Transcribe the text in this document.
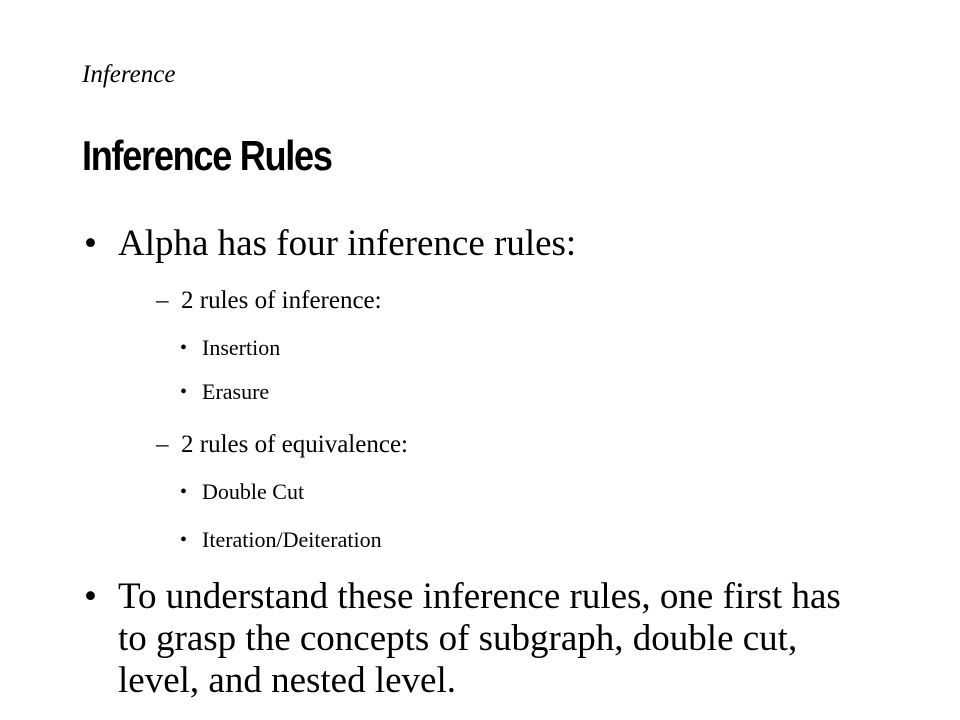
Inference
Inference Rules
• Alpha has four inference rules:
– 2 rules of inference:
• Insertion
• Erasure
– 2 rules of equivalence:
• Double Cut
• Iteration/Deiteration
• To understand these inference rules, one first has to grasp the concepts of subgraph, double cut, level, and nested level.
